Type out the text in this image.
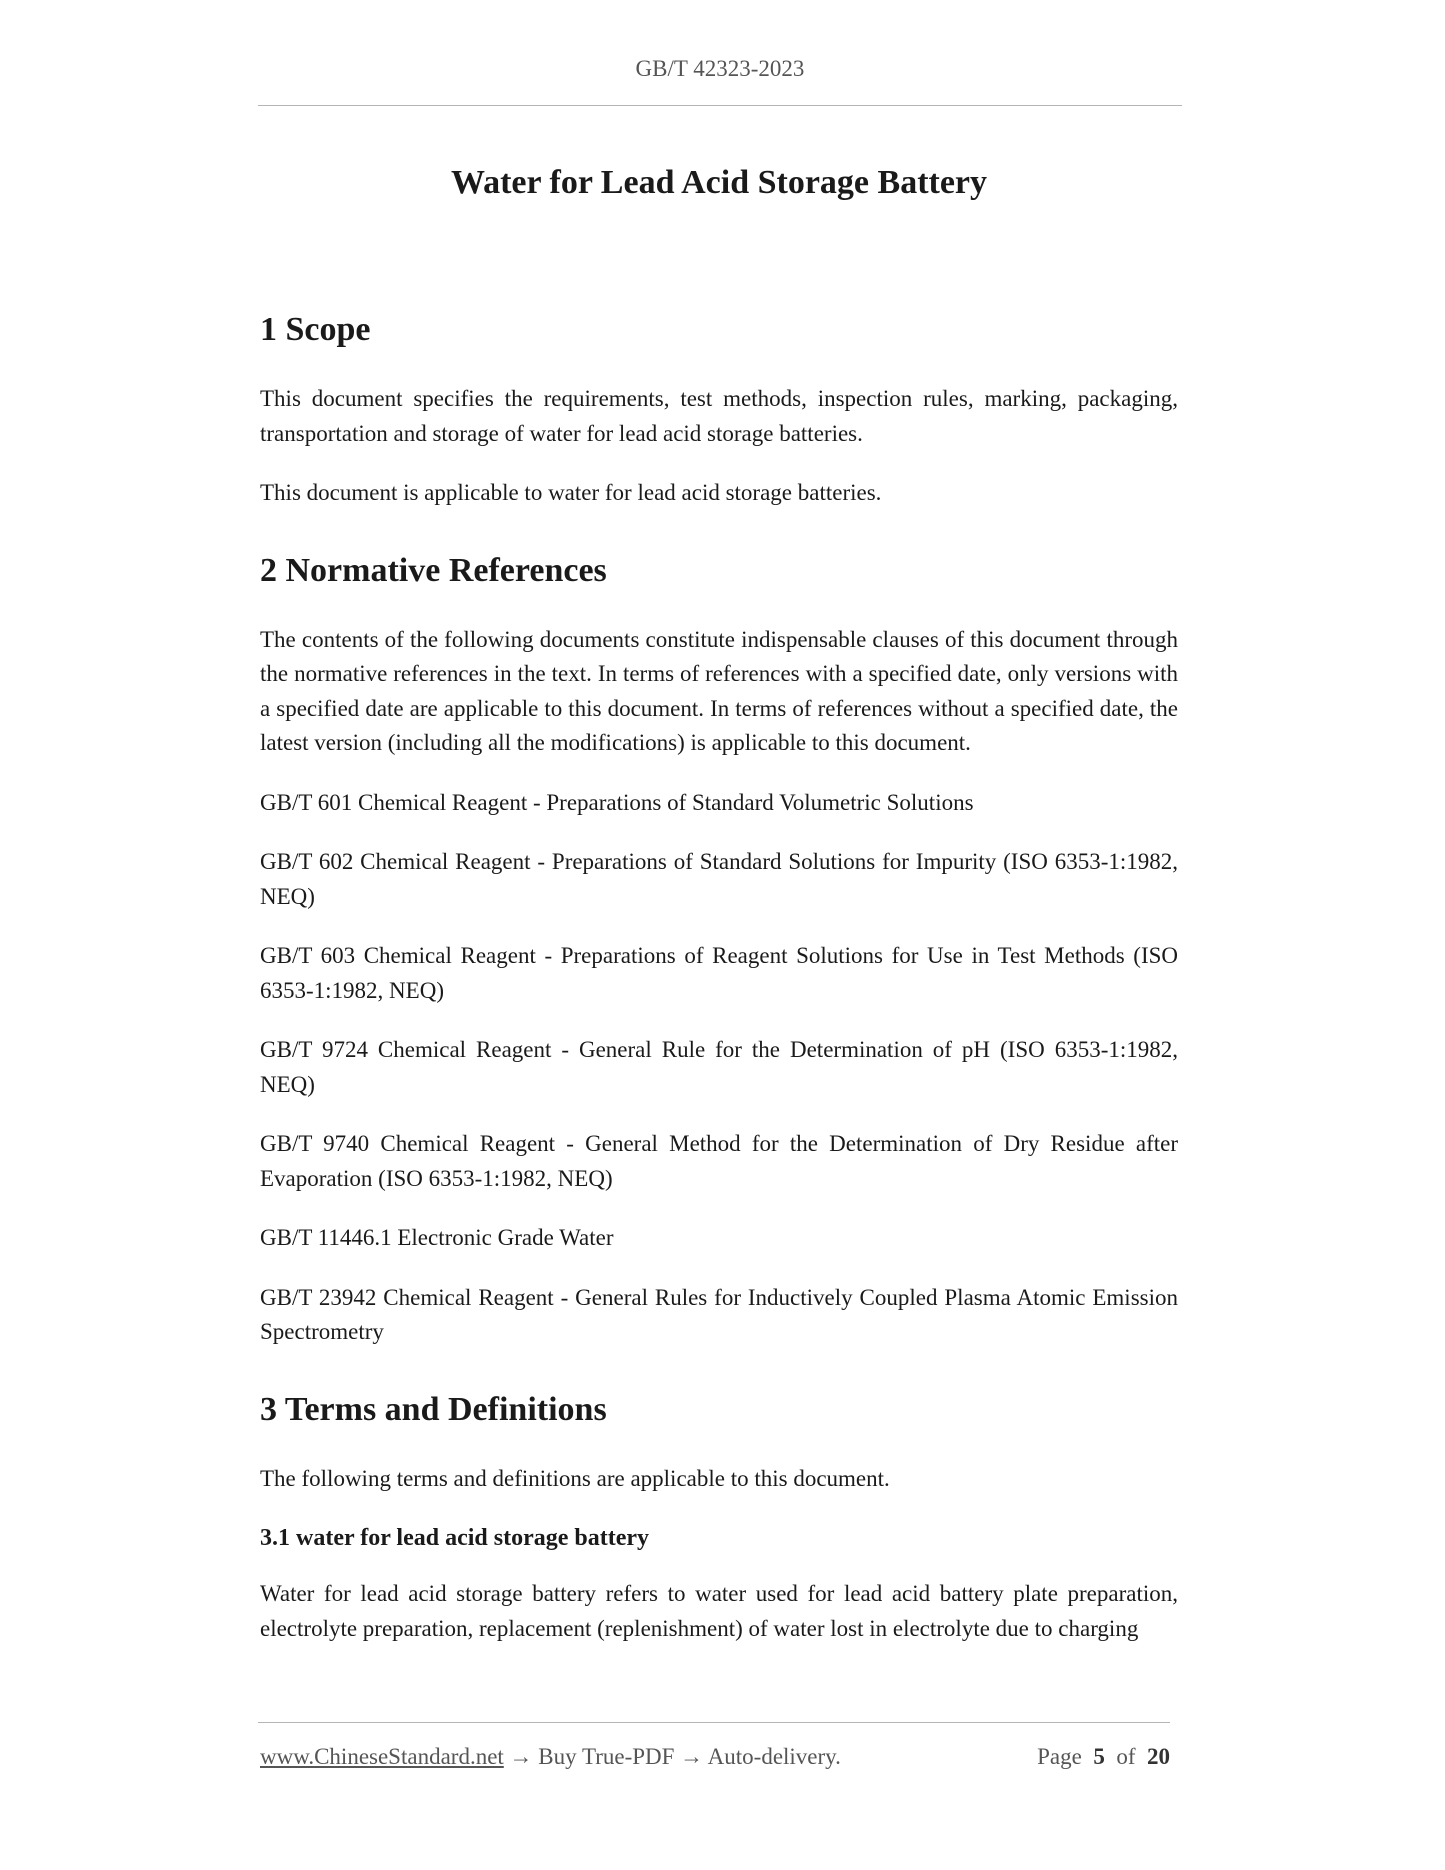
GB/T 42323-2023
Water for Lead Acid Storage Battery
1 Scope

This document specifies the requirements, test methods, inspection rules, marking, packaging, transportation and storage of water for lead acid storage batteries.

This document is applicable to water for lead acid storage batteries.

2 Normative References

The contents of the following documents constitute indispensable clauses of this document through the normative references in the text. In terms of references with a specified date, only versions with a specified date are applicable to this document. In terms of references without a specified date, the latest version (including all the modifications) is applicable to this document.

GB/T 601 Chemical Reagent - Preparations of Standard Volumetric Solutions

GB/T 602 Chemical Reagent - Preparations of Standard Solutions for Impurity (ISO 6353-1:1982, NEQ)

GB/T 603 Chemical Reagent - Preparations of Reagent Solutions for Use in Test Methods (ISO 6353-1:1982, NEQ)

GB/T 9724 Chemical Reagent - General Rule for the Determination of pH (ISO 6353-1:1982, NEQ)

GB/T 9740 Chemical Reagent - General Method for the Determination of Dry Residue after Evaporation (ISO 6353-1:1982, NEQ)

GB/T 11446.1 Electronic Grade Water

GB/T 23942 Chemical Reagent - General Rules for Inductively Coupled Plasma Atomic Emission Spectrometry

3 Terms and Definitions

The following terms and definitions are applicable to this document.

3.1 water for lead acid storage battery

Water for lead acid storage battery refers to water used for lead acid battery plate preparation, electrolyte preparation, replacement (replenishment) of water lost in electrolyte due to charging

www.ChineseStandard.net → Buy True-PDF → Auto-delivery.	Page 5 of 20
